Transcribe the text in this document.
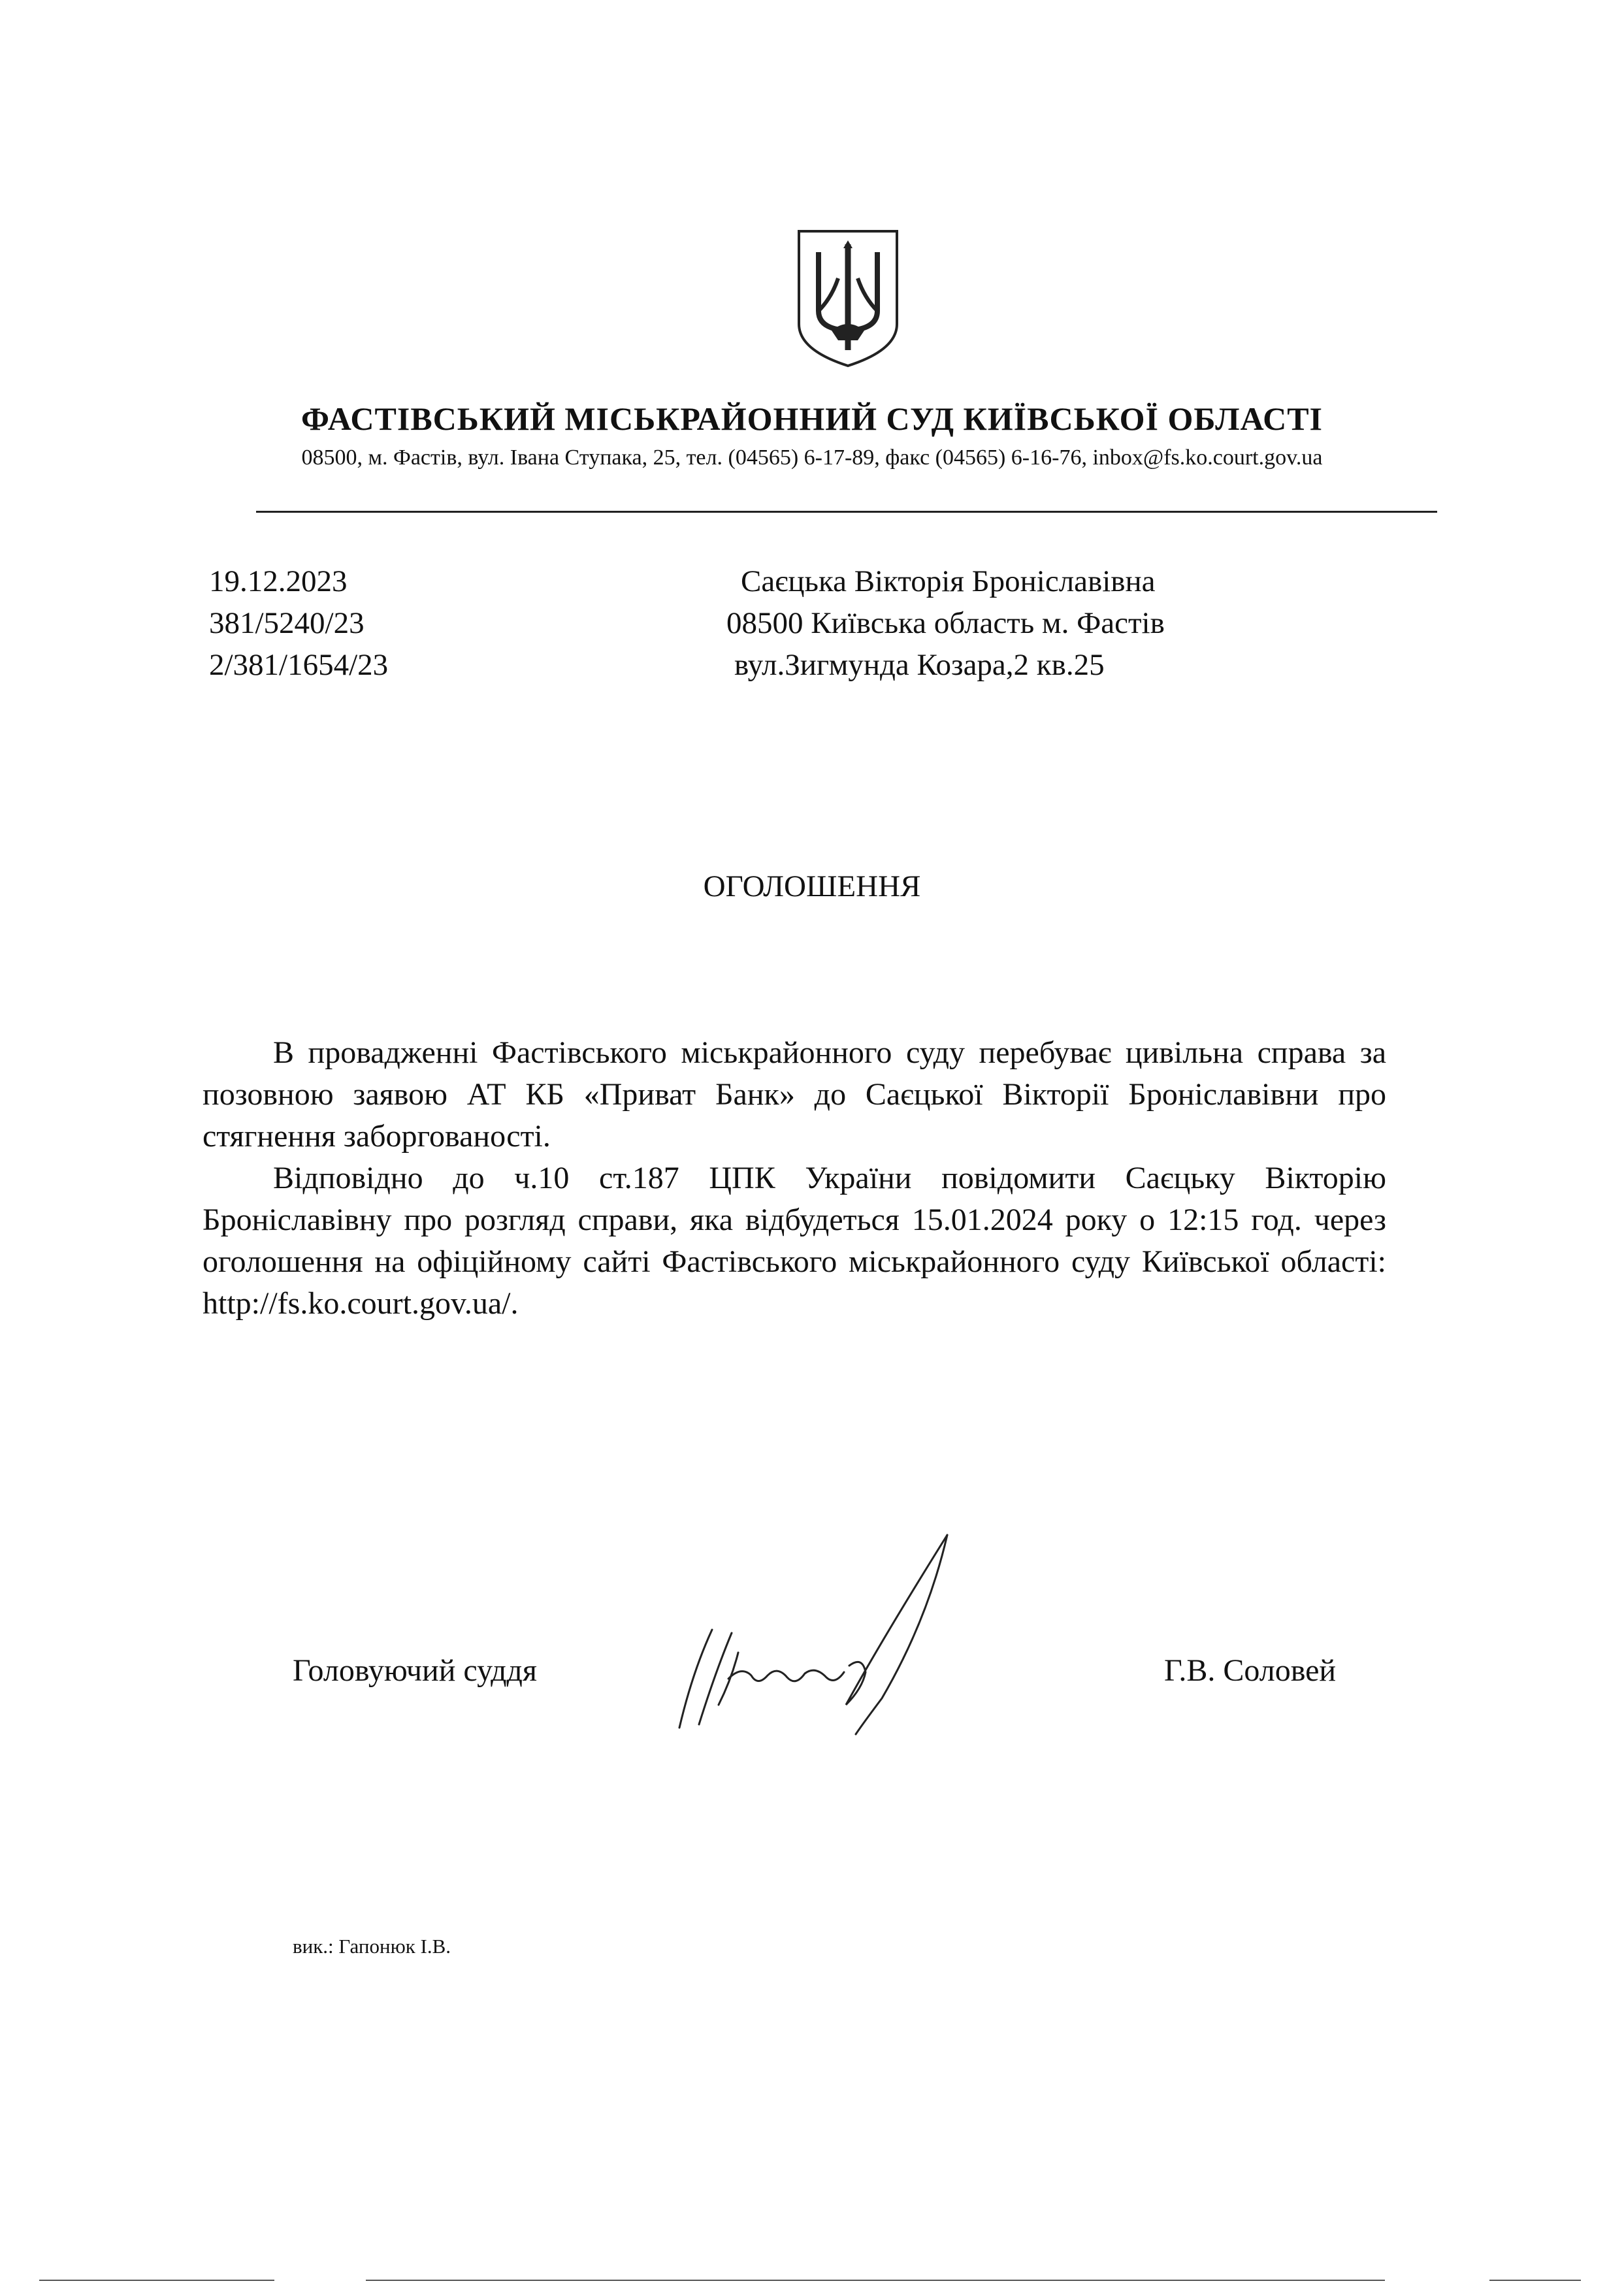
ФАСТІВСЬКИЙ МІСЬКРАЙОННИЙ СУД КИЇВСЬКОЇ ОБЛАСТІ
08500, м. Фастів, вул. Івана Ступака, 25, тел. (04565) 6-17-89, факс (04565) 6-16-76, inbox@fs.ko.court.gov.ua
19.12.2023
381/5240/23
2/381/1654/23
Саєцька Вікторія Броніславівна
08500 Київська область м. Фастів
вул.Зигмунда Козара,2 кв.25
ОГОЛОШЕННЯ

В провадженні Фастівського міськрайонного суду перебуває цивільна справа за позовною заявою АТ КБ «Приват Банк» до Саєцької Вікторії Броніславівни про стягнення заборгованості.

Відповідно до ч.10 ст.187 ЦПК України повідомити Саєцьку Вікторію Броніславівну про розгляд справи, яка відбудеться 15.01.2024 року о 12:15 год. через оголошення на офіційному сайті Фастівського міськрайонного суду Київської області: http://fs.ko.court.gov.ua/.

Головуючий суддя	Г.В. Соловей
вик.: Гапонюк І.В.
